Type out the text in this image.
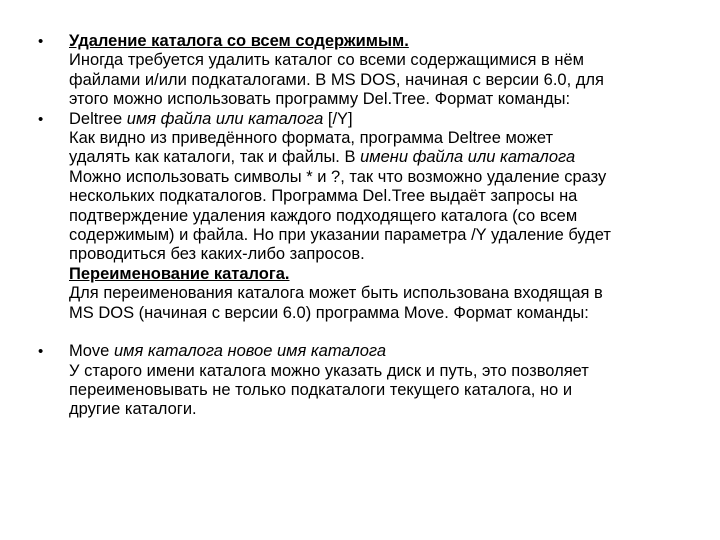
• Удаление каталога со всем содержимым.
Иногда требуется удалить каталог со всеми содержащимися в нём
файлами и/или подкаталогами. В MS DOS, начиная с версии 6.0, для
этого можно использовать программу Del.Tree. Формат команды:
• Deltree имя файла или каталога [/Y]
Как видно из приведённого формата, программа Deltree может
удалять как каталоги, так и файлы. В имени файла или каталога
Можно использовать символы * и ?, так что возможно удаление сразу
нескольких подкаталогов. Программа Del.Tree выдаёт запросы на
подтверждение удаления каждого подходящего каталога (со всем
содержимым) и файла. Но при указании параметра /Y удаление будет
проводиться без каких-либо запросов.
Переименование каталога.
Для переименования каталога может быть использована входящая в
MS DOS (начиная с версии 6.0) программа Move. Формат команды:
• Move имя каталога новое имя каталога
У старого имени каталога можно указать диск и путь, это позволяет
переименовывать не только подкаталоги текущего каталога, но и
другие каталоги.
